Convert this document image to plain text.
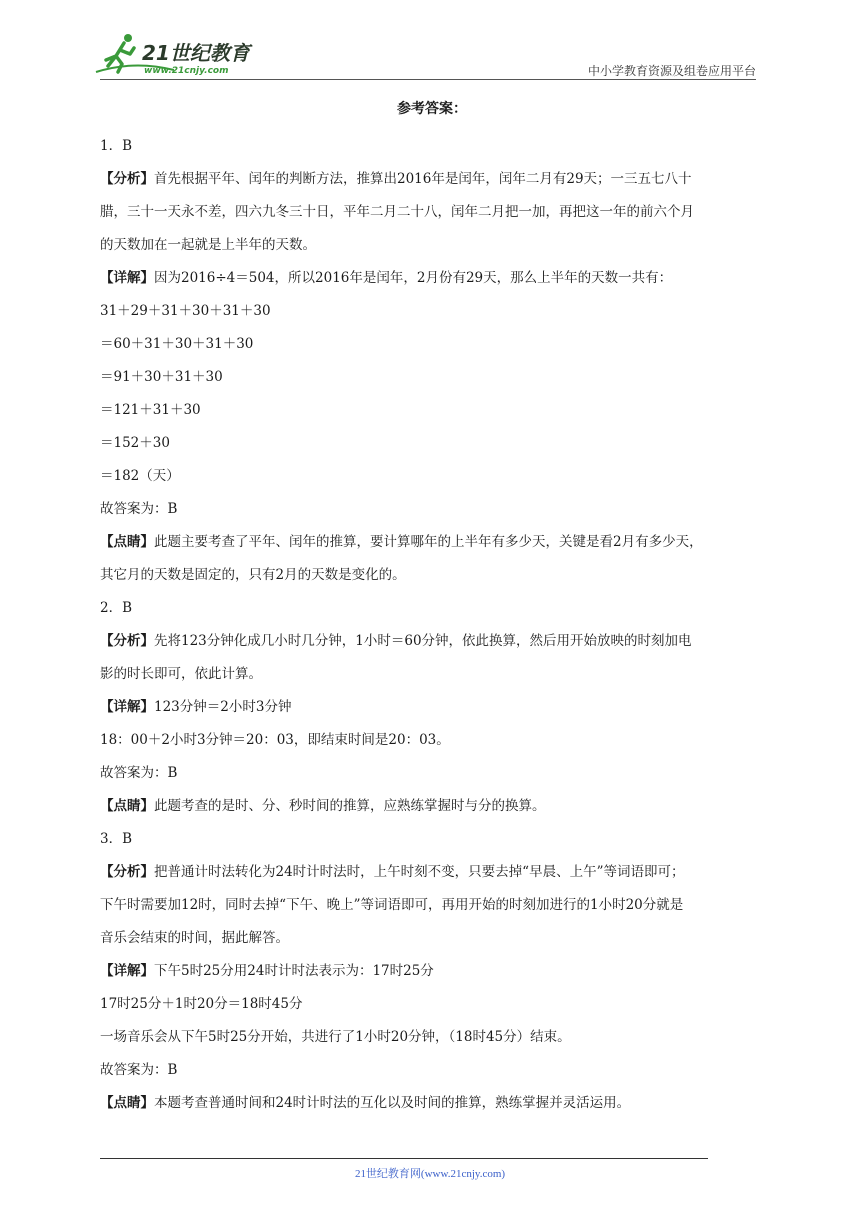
21世纪教育
www.21cnjy.com	中小学教育资源及组卷应用平台
参考答案：
1．B
【分析】首先根据平年、闰年的判断方法，推算出2016年是闰年，闰年二月有29天；一三五七八十
腊，三十一天永不差，四六九冬三十日，平年二月二十八，闰年二月把一加，再把这一年的前六个月
的天数加在一起就是上半年的天数。
【详解】因为2016÷4＝504，所以2016年是闰年，2月份有29天，那么上半年的天数一共有：
31＋29＋31＋30＋31＋30
＝60＋31＋30＋31＋30
＝91＋30＋31＋30
＝121＋31＋30
＝152＋30
＝182（天）
故答案为：B
【点睛】此题主要考查了平年、闰年的推算，要计算哪年的上半年有多少天，关键是看2月有多少天，
其它月的天数是固定的，只有2月的天数是变化的。
2．B
【分析】先将123分钟化成几小时几分钟，1小时＝60分钟，依此换算，然后用开始放映的时刻加电
影的时长即可，依此计算。
【详解】123分钟＝2小时3分钟
18：00＋2小时3分钟＝20：03，即结束时间是20：03。
故答案为：B
【点睛】此题考查的是时、分、秒时间的推算，应熟练掌握时与分的换算。
3．B
【分析】把普通计时法转化为24时计时法时，上午时刻不变，只要去掉“早晨、上午”等词语即可；
下午时需要加12时，同时去掉“下午、晚上”等词语即可，再用开始的时刻加进行的1小时20分就是
音乐会结束的时间，据此解答。
【详解】下午5时25分用24时计时法表示为：17时25分
17时25分＋1时20分＝18时45分
一场音乐会从下午5时25分开始，共进行了1小时20分钟，（18时45分）结束。
故答案为：B
【点睛】本题考查普通时间和24时计时法的互化以及时间的推算，熟练掌握并灵活运用。
21世纪教育网(www.21cnjy.com)
